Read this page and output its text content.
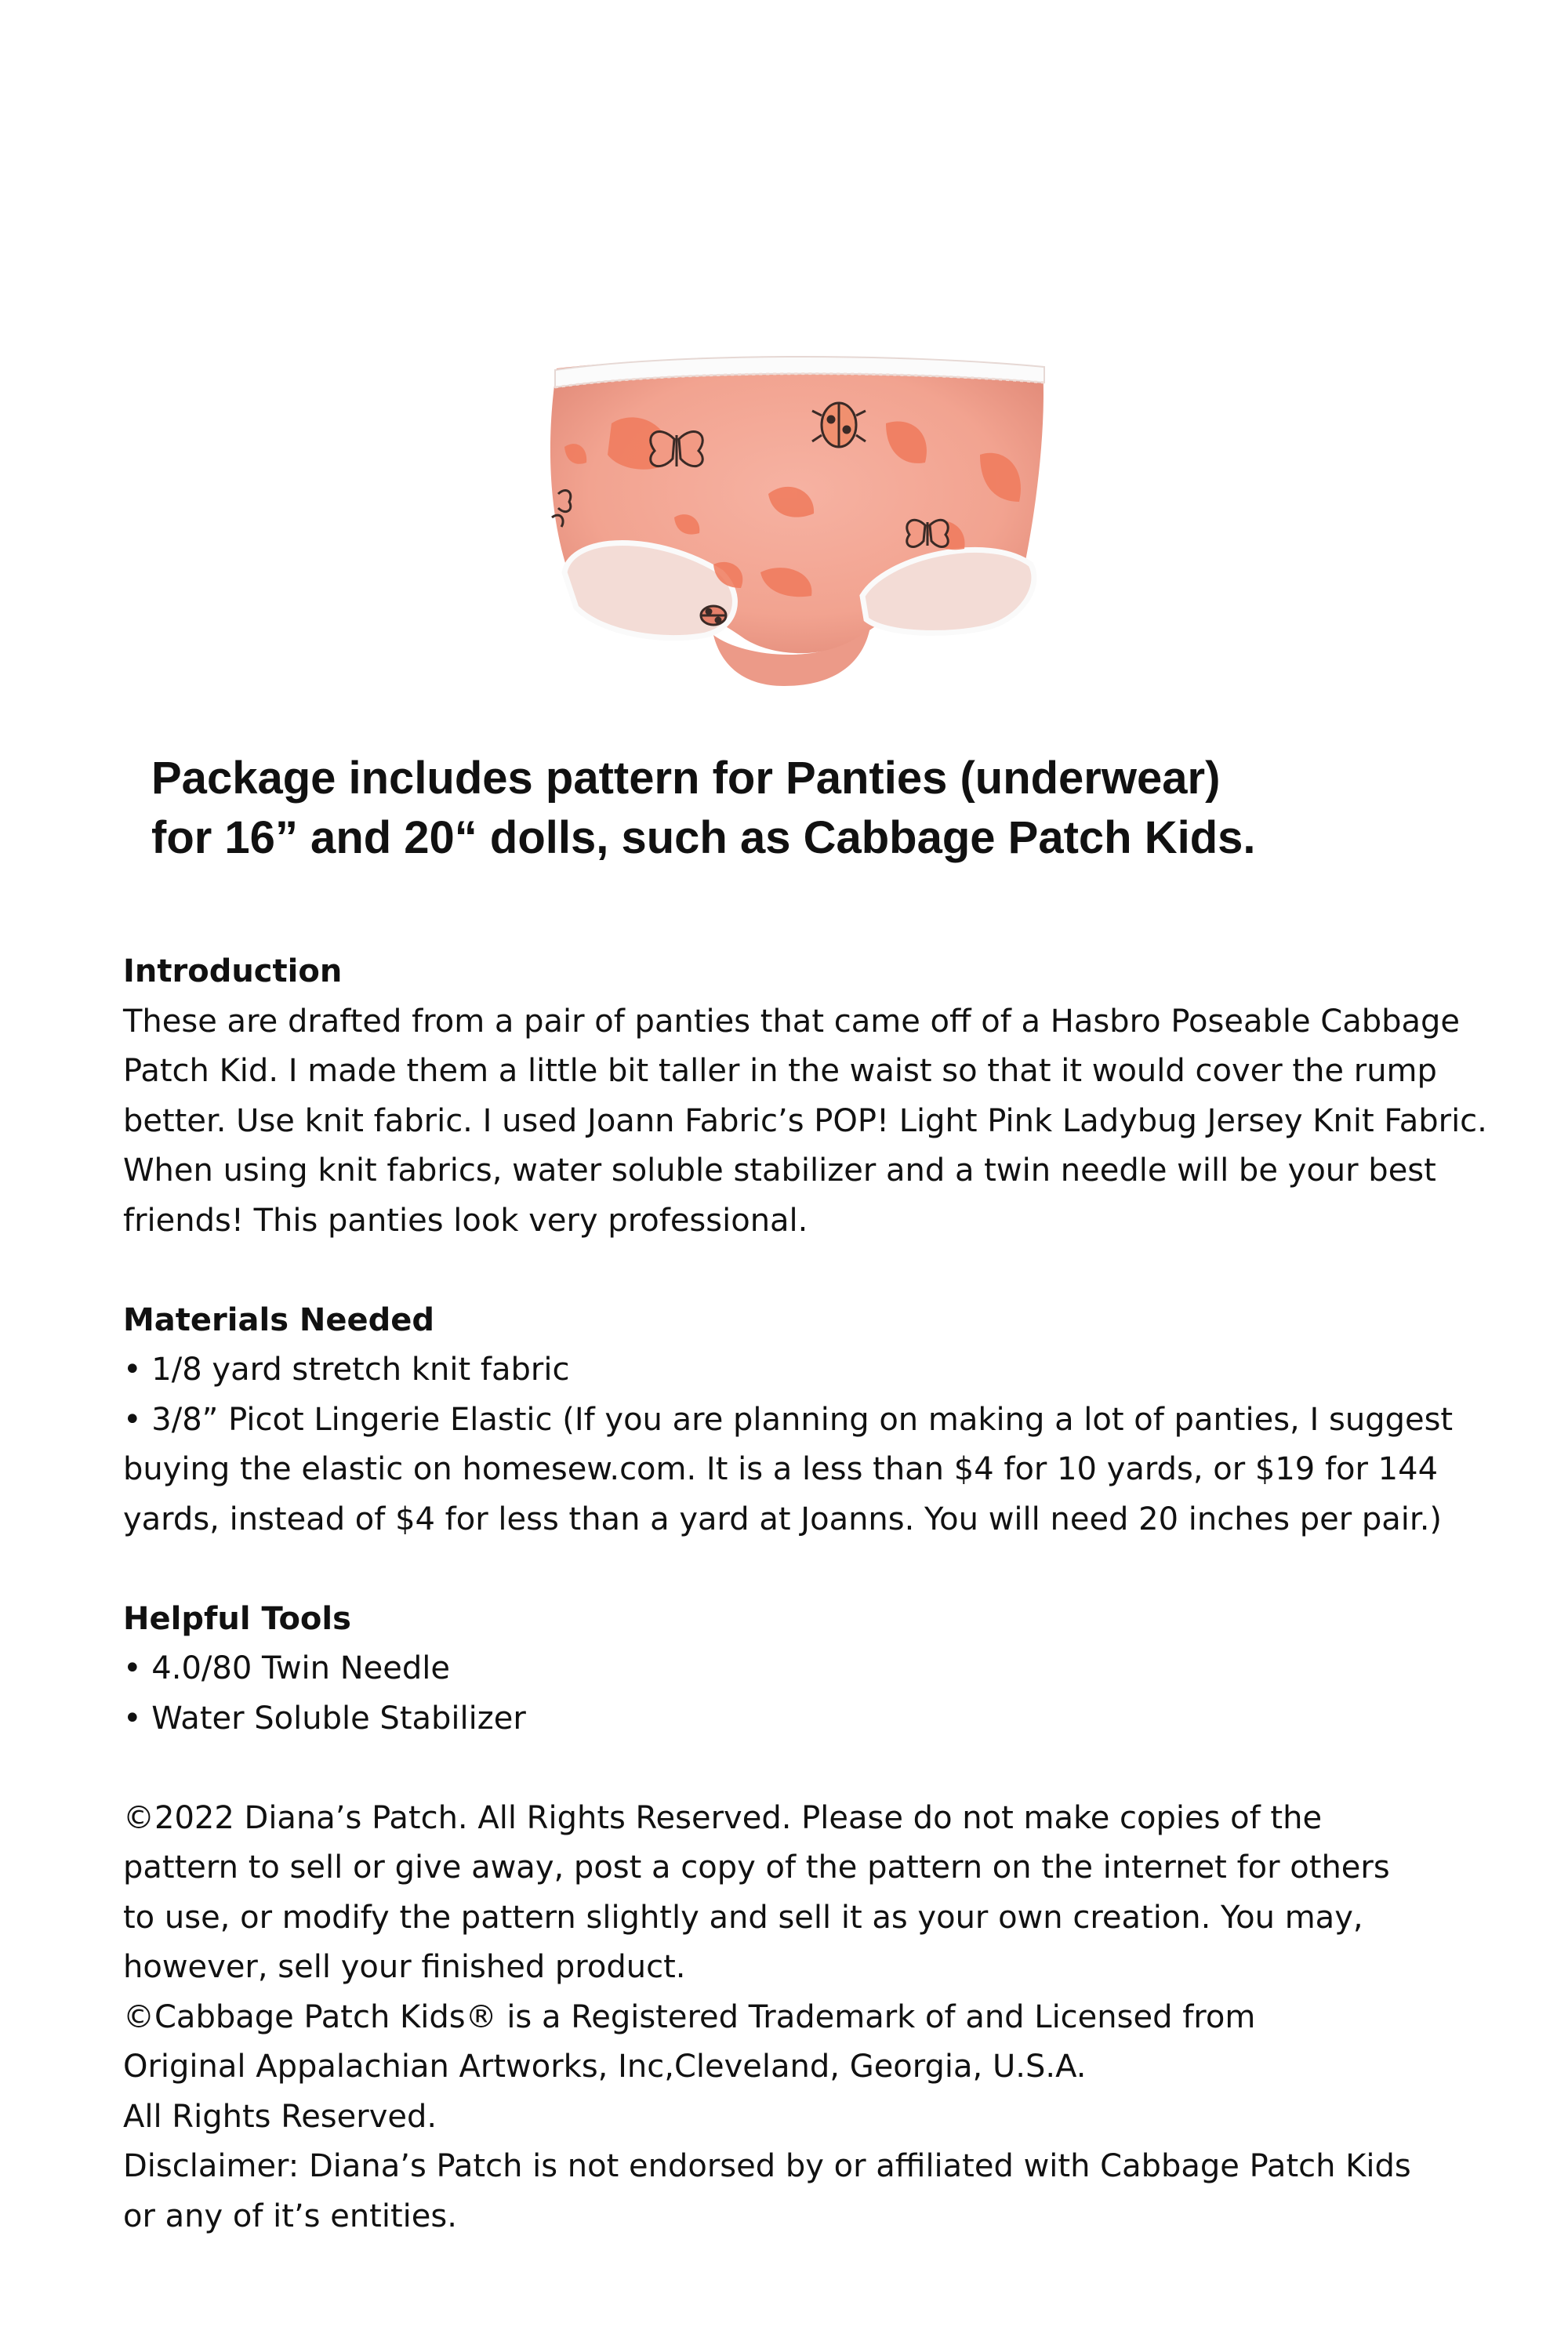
Package includes pattern for Panties (underwear)
for 16” and 20“ dolls, such as Cabbage Patch Kids.
Introduction
These are drafted from a pair of panties that came off of a Hasbro Poseable Cabbage
Patch Kid. I made them a little bit taller in the waist so that it would cover the rump
better. Use knit fabric. I used Joann Fabric’s POP! Light Pink Ladybug Jersey Knit Fabric.
When using knit fabrics, water soluble stabilizer and a twin needle will be your best
friends! This panties look very professional.
Materials Needed
• 1/8 yard stretch knit fabric
• 3/8” Picot Lingerie Elastic (If you are planning on making a lot of panties, I suggest
buying the elastic on homesew.com. It is a less than $4 for 10 yards, or $19 for 144
yards, instead of $4 for less than a yard at Joanns. You will need 20 inches per pair.)
Helpful Tools
• 4.0/80 Twin Needle
• Water Soluble Stabilizer
©2022 Diana’s Patch. All Rights Reserved. Please do not make copies of the
pattern to sell or give away, post a copy of the pattern on the internet for others
to use, or modify the pattern slightly and sell it as your own creation. You may,
however, sell your finished product.
©Cabbage Patch Kids® is a Registered Trademark of and Licensed from
Original Appalachian Artworks, Inc,Cleveland, Georgia, U.S.A.
All Rights Reserved.
Disclaimer: Diana’s Patch is not endorsed by or affiliated with Cabbage Patch Kids
or any of it’s entities.
